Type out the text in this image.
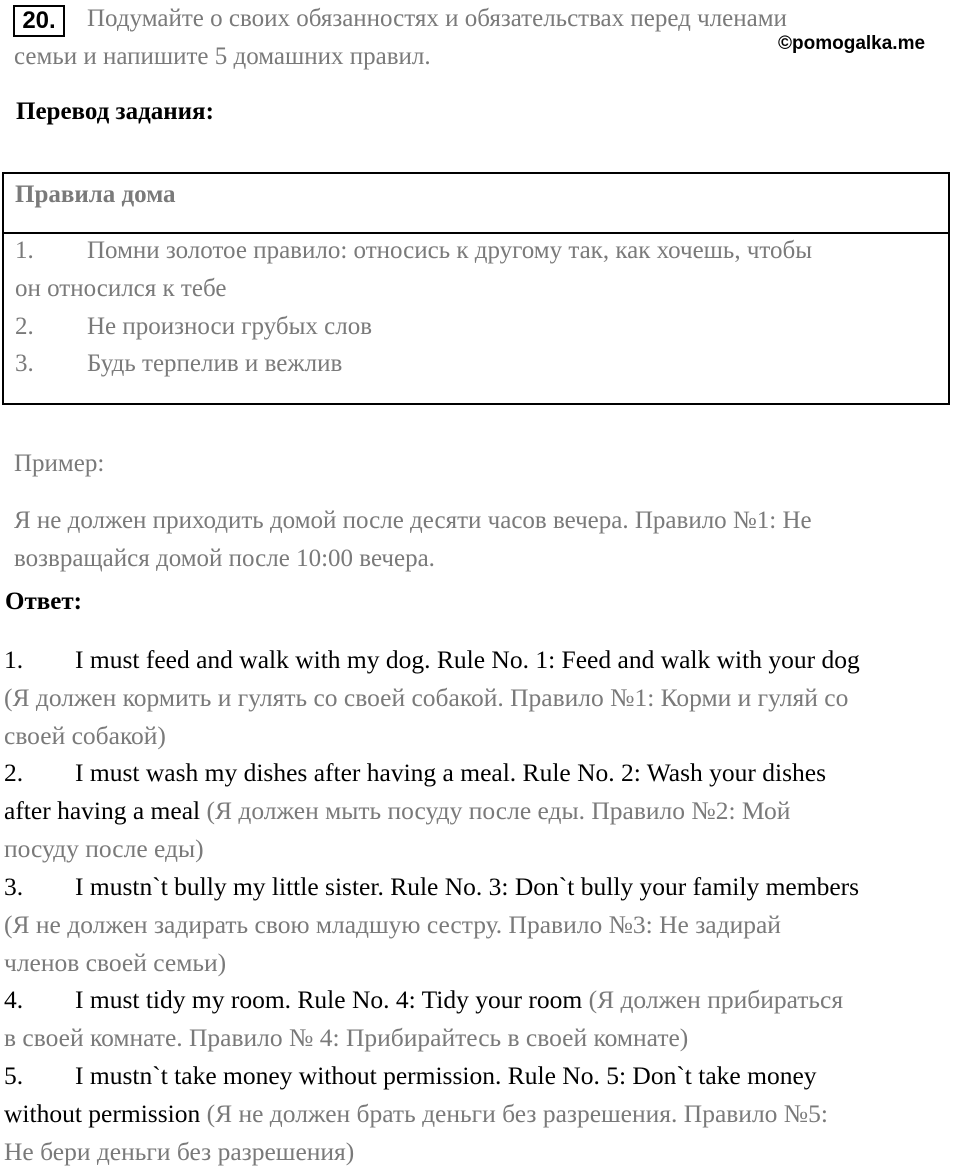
20.	Подумайте о своих обязанностях и обязательствах перед членами
семьи и напишите 5 домашних правил.	©pomogalka.me
Перевод задания:
Правила дома
1. Помни золотое правило: относись к другому так, как хочешь, чтобы
он относился к тебе
2. Не произноси грубых слов
3. Будь терпелив и вежлив
Пример:
Я не должен приходить домой после десяти часов вечера. Правило №1: Не
возвращайся домой после 10:00 вечера.
Ответ:
1. I must feed and walk with my dog. Rule No. 1: Feed and walk with your dog
(Я должен кормить и гулять со своей собакой. Правило №1: Корми и гуляй со
своей собакой)
2. I must wash my dishes after having a meal. Rule No. 2: Wash your dishes
after having a meal (Я должен мыть посуду после еды. Правило №2: Мой
посуду после еды)
3. I mustn`t bully my little sister. Rule No. 3: Don`t bully your family members
(Я не должен задирать свою младшую сестру. Правило №3: Не задирай
членов своей семьи)
4. I must tidy my room. Rule No. 4: Tidy your room (Я должен прибираться
в своей комнате. Правило № 4: Прибирайтесь в своей комнате)
5. I mustn`t take money without permission. Rule No. 5: Don`t take money
without permission (Я не должен брать деньги без разрешения. Правило №5:
Не бери деньги без разрешения)
